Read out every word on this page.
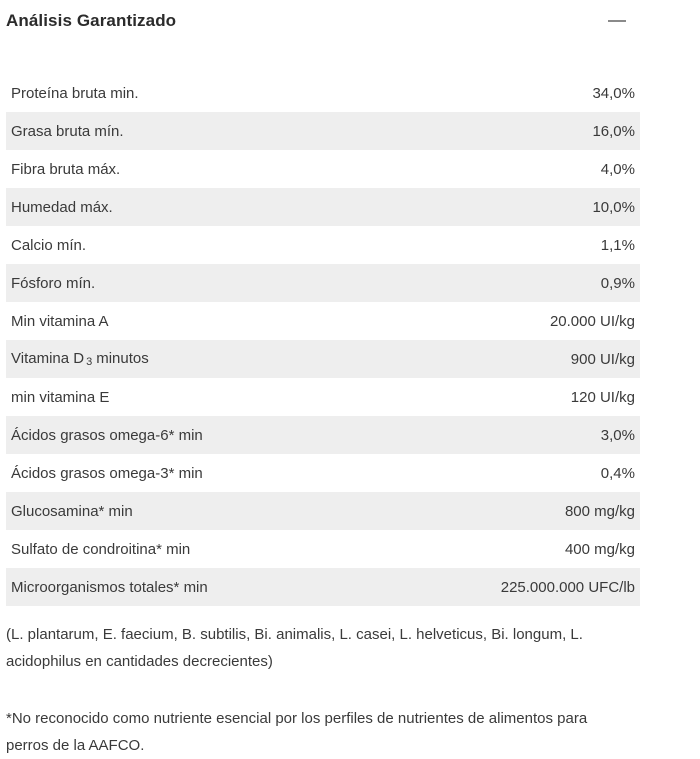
Análisis Garantizado
Proteína bruta min.	34,0%
Grasa bruta mín.	16,0%
Fibra bruta máx.	4,0%
Humedad máx.	10,0%
Calcio mín.	1,1%
Fósforo mín.	0,9%
Min vitamina A	20.000 UI/kg
Vitamina D $_3$ minutos	900 UI/kg
min vitamina E	120 UI/kg
Ácidos grasos omega-6* min	3,0%
Ácidos grasos omega-3* min	0,4%
Glucosamina* min	800 mg/kg
Sulfato de condroitina* min	400 mg/kg
Microorganismos totales* min	225.000.000 UFC/lb

(L. plantarum, E. faecium, B. subtilis, Bi. animalis, L. casei, L. helveticus, Bi. longum, L. acidophilus en cantidades decrecientes)

*No reconocido como nutriente esencial por los perfiles de nutrientes de alimentos para perros de la AAFCO.
